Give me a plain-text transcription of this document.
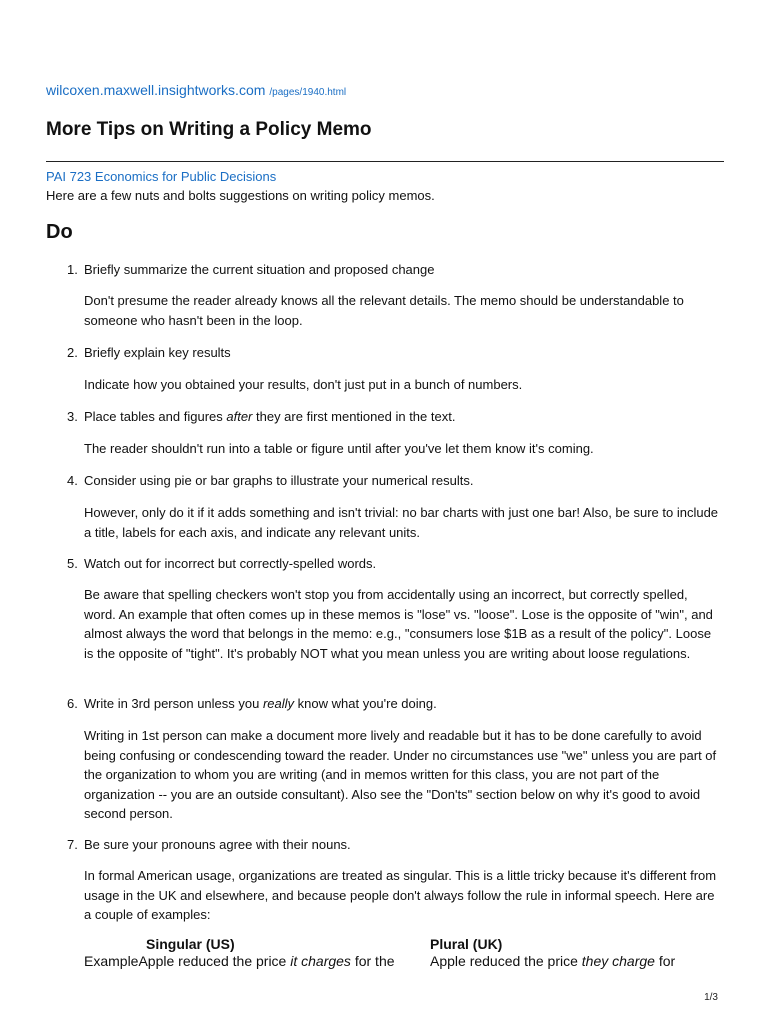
wilcoxen.maxwell.insightworks.com /pages/1940.html
More Tips on Writing a Policy Memo
PAI 723 Economics for Public Decisions
Here are a few nuts and bolts suggestions on writing policy memos.
Do
1. Briefly summarize the current situation and proposed change
Don't presume the reader already knows all the relevant details. The memo should be understandable to someone who hasn't been in the loop.
2. Briefly explain key results
Indicate how you obtained your results, don't just put in a bunch of numbers.
3. Place tables and figures after they are first mentioned in the text.
The reader shouldn't run into a table or figure until after you've let them know it's coming.
4. Consider using pie or bar graphs to illustrate your numerical results.
However, only do it if it adds something and isn't trivial: no bar charts with just one bar! Also, be sure to include a title, labels for each axis, and indicate any relevant units.
5. Watch out for incorrect but correctly-spelled words.
Be aware that spelling checkers won't stop you from accidentally using an incorrect, but correctly spelled, word. An example that often comes up in these memos is "lose" vs. "loose". Lose is the opposite of "win", and almost always the word that belongs in the memo: e.g., "consumers lose $1B as a result of the policy". Loose is the opposite of "tight". It's probably NOT what you mean unless you are writing about loose regulations.
6. Write in 3rd person unless you really know what you're doing.
Writing in 1st person can make a document more lively and readable but it has to be done carefully to avoid being confusing or condescending toward the reader. Under no circumstances use "we" unless you are part of the organization to whom you are writing (and in memos written for this class, you are not part of the organization -- you are an outside consultant). Also see the "Don'ts" section below on why it's good to avoid second person.
7. Be sure your pronouns agree with their nouns.
In formal American usage, organizations are treated as singular. This is a little tricky because it's different from usage in the UK and elsewhere, and because people don't always follow the rule in informal speech. Here are a couple of examples:
Singular (US)	Plural (UK)
ExampleApple reduced the price it charges for the	Apple reduced the price they charge for
1/3
